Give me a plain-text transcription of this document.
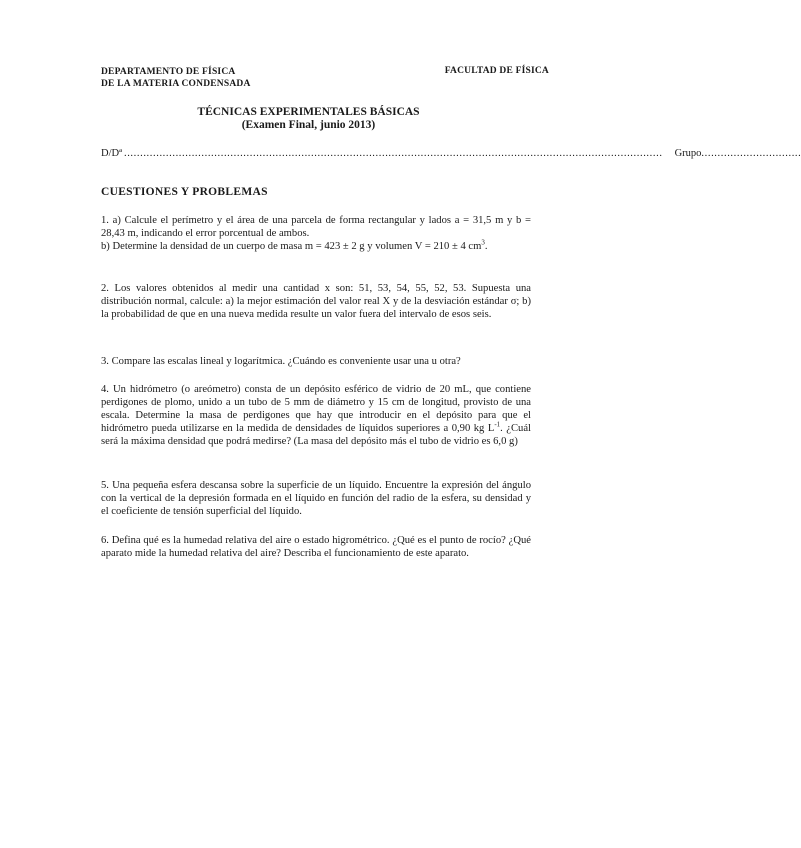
DEPARTAMENTO DE FÍSICA
DE LA MATERIA CONDENSADA
FACULTAD DE FÍSICA
TÉCNICAS EXPERIMENTALES BÁSICAS
(Examen Final, junio 2013)
D/Dª ....................................................................................................................................................................... Grupo ...............................
CUESTIONES Y PROBLEMAS

1. a) Calcule el perímetro y el área de una parcela de forma rectangular y lados a = 31,5 m y b = 28,43 m, indicando el error porcentual de ambos.

b) Determine la densidad de un cuerpo de masa m = 423 ± 2 g y volumen V = 210 ± 4 $cm^3$.

2. Los valores obtenidos al medir una cantidad x son: 51, 53, 54, 55, 52, 53. Supuesta una distribución normal, calcule: a) la mejor estimación del valor real X y de la desviación estándar σ; b) la probabilidad de que en una nueva medida resulte un valor fuera del intervalo de esos seis.

3. Compare las escalas lineal y logarítmica. ¿Cuándo es conveniente usar una u otra?

4. Un hidrómetro (o areómetro) consta de un depósito esférico de vidrio de 20 mL, que contiene perdigones de plomo, unido a un tubo de 5 mm de diámetro y 15 cm de longitud, provisto de una escala. Determine la masa de perdigones que hay que introducir en el depósito para que el hidrómetro pueda utilizarse en la medida de densidades de líquidos superiores a 0,90 kg $L^{-1}$. ¿Cuál será la máxima densidad que podrá medirse? (La masa del depósito más el tubo de vidrio es 6,0 g)

5. Una pequeña esfera descansa sobre la superficie de un líquido. Encuentre la expresión del ángulo con la vertical de la depresión formada en el líquido en función del radio de la esfera, su densidad y el coeficiente de tensión superficial del líquido.

6. Defina qué es la humedad relativa del aire o estado higrométrico. ¿Qué es el punto de rocío? ¿Qué aparato mide la humedad relativa del aire? Describa el funcionamiento de este aparato.
